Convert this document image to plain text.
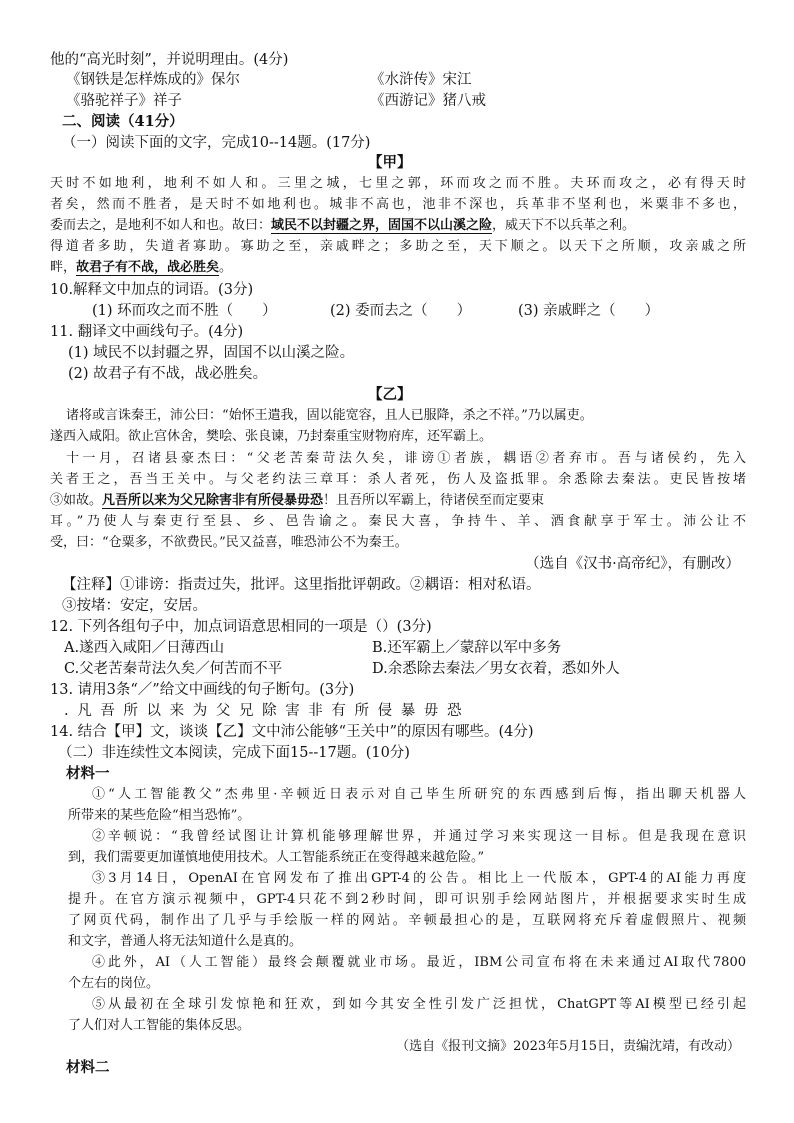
他的“高光时刻”，并说明理由。(4分)
《钢铁是怎样炼成的》保尔	《水浒传》宋江
《骆驼祥子》祥子	《西游记》猪八戒
二、阅读（41分）
（一）阅读下面的文字，完成10--14题。(17分)
【甲】
天时不如地利，地利不如人和。三里之城，七里之郭，环而攻之而不胜。夫环而攻之，必有得天时
者矣，然而不胜者，是天时不如地利也。城非不高也，池非不深也，兵革非不坚利也，米粟非不多也，
委而去之，是地利不如人和也。故曰：域民不以封疆之界，固国不以山溪之险，威天下不以兵革之利。
得道者多助，失道者寡助。寡助之至，亲戚畔之；多助之至，天下顺之。以天下之所顺，攻亲戚之所
畔，故君子有不战，战必胜矣。
10.解释文中加点的词语。(3分)
(1) 环而攻之而不胜（　　）	(2) 委而去之（　　）	(3) 亲戚畔之（　　）
11. 翻译文中画线句子。(4分)
(1) 域民不以封疆之界，固国不以山溪之险。
(2) 故君子有不战，战必胜矣。
【乙】
诸将或言诛秦王，沛公曰：“始怀王遣我，固以能宽容，且人已服降，杀之不祥。”乃以属吏。
遂西入咸阳。欲止宫休舍，樊哙、张良谏，乃封秦重宝财物府库，还军霸上。
十一月，召诸县豪杰曰：“父老苦秦苛法久矣，诽谤①者族，耦语②者弃市。吾与诸侯约，先入
关者王之，吾当王关中。与父老约法三章耳：杀人者死，伤人及盗抵罪。余悉除去秦法。吏民皆按堵
③如故。凡吾所以来为父兄除害非有所侵暴毋恐！且吾所以军霸上，待诸侯至而定要束
耳。”乃使人与秦吏行至县、乡、邑告谕之。秦民大喜，争持牛、羊、酒食献享于军士。沛公让不
受，曰：“仓粟多，不欲费民。”民又益喜，唯恐沛公不为秦王。
（选自《汉书·高帝纪》，有删改）
【注释】①诽谤：指责过失，批评。这里指批评朝政。②耦语：相对私语。
③按堵：安定，安居。
12. 下列各组句子中，加点词语意思相同的一项是（）(3分)
A.遂西入咸阳／日薄西山	B.还军霸上／蒙辞以军中多务
C.父老苦秦苛法久矣／何苦而不平	D.余悉除去秦法／男女衣着，悉如外人
13. 请用3条“／”给文中画线的句子断句。(3分)
. 凡 吾 所 以 来 为 父 兄 除 害 非 有 所 侵 暴 毋 恐
14. 结合【甲】文，谈谈【乙】文中沛公能够“王关中”的原因有哪些。(4分)
（二）非连续性文本阅读，完成下面15--17题。(10分)
材料一
①“人工智能教父”杰弗里·辛顿近日表示对自己毕生所研究的东西感到后悔，指出聊天机器人
所带来的某些危险“相当恐怖”。
②辛顿说：“我曾经试图让计算机能够理解世界，并通过学习来实现这一目标。但是我现在意识
到，我们需要更加谨慎地使用技术。人工智能系统正在变得越来越危险。”
③3月14日，OpenAI在官网发布了推出GPT-4的公告。相比上一代版本，GPT-4的AI能力再度
提升。在官方演示视频中，GPT-4只花不到2秒时间，即可识别手绘网站图片，并根据要求实时生成
了网页代码，制作出了几乎与手绘版一样的网站。辛顿最担心的是，互联网将充斥着虚假照片、视频
和文字，普通人将无法知道什么是真的。
④此外，AI（人工智能）最终会颠覆就业市场。最近，IBM公司宣布将在未来通过AI取代7800
个左右的岗位。
⑤从最初在全球引发惊艳和狂欢，到如今其安全性引发广泛担忧，ChatGPT等AI模型已经引起
了人们对人工智能的集体反思。
（选自《报刊文摘》2023年5月15日，责编沈靖，有改动）
材料二
